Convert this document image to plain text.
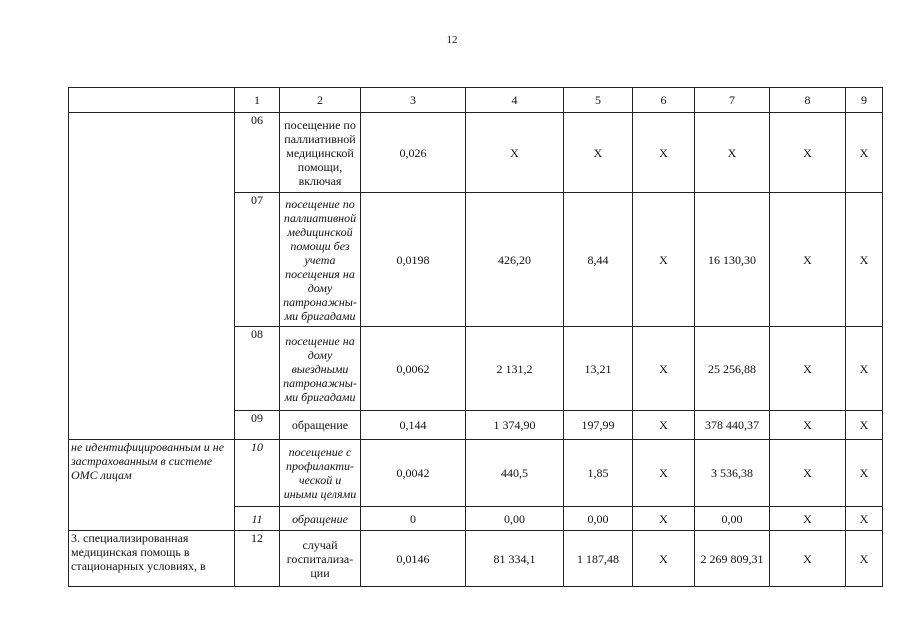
12
	1	2	3	4	5	6	7	8	9
	06	посещение по паллиативной медицинской помощи, включая	0,026	Х	Х	Х	Х	Х	Х
	07	посещение по паллиативной медицинской помощи без учета посещения на дому патронажны-ми бригадами	0,0198	426,20	8,44	Х	16 130,30	Х	Х
	08	посещение на дому выездными патронажны-ми бригадами	0,0062	2 131,2	13,21	Х	25 256,88	Х	Х
	09	обращение	0,144	1 374,90	197,99	Х	378 440,37	Х	Х
не идентифицированным и не застрахованным в системе ОМС лицам	10	посещение с профилакти-ческой и иными целями	0,0042	440,5	1,85	Х	3 536,38	Х	Х
	11	обращение	0	0,00	0,00	Х	0,00	Х	Х
3. специализированная медицинская помощь в стационарных условиях, в	12	случай госпитализа-ции	0,0146	81 334,1	1 187,48	Х	2 269 809,31	Х	Х
